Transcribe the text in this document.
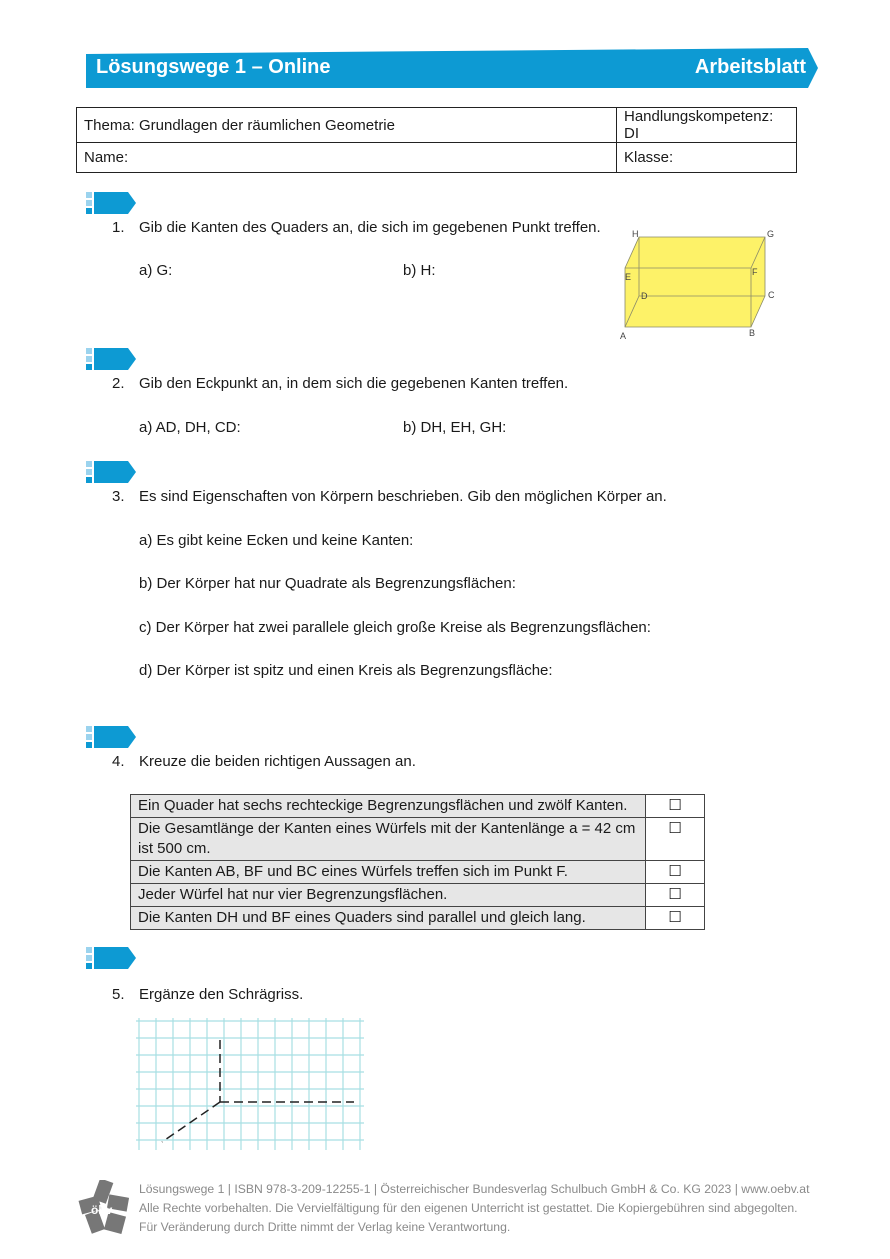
Lösungswege 1 – Online	Arbeitsblatt
Thema: Grundlagen der räumlichen Geometrie	Handlungskompetenz: DI
Name:	Klasse:
1. Gib die Kanten des Quaders an, die sich im gegebenen Punkt treffen.
a) G:	b) H:
A	B
C
D
E	F
G
H
2. Gib den Eckpunkt an, in dem sich die gegebenen Kanten treffen.
a) AD, DH, CD:	b) DH, EH, GH:
3. Es sind Eigenschaften von Körpern beschrieben. Gib den möglichen Körper an.
a) Es gibt keine Ecken und keine Kanten:
b) Der Körper hat nur Quadrate als Begrenzungsflächen:
c) Der Körper hat zwei parallele gleich große Kreise als Begrenzungsflächen:
d) Der Körper ist spitz und einen Kreis als Begrenzungsfläche:
4. Kreuze die beiden richtigen Aussagen an.
Ein Quader hat sechs rechteckige Begrenzungsflächen und zwölf Kanten.	☐
Die Gesamtlänge der Kanten eines Würfels mit der Kantenlänge a = 42 cm ist 500 cm.	☐
Die Kanten AB, BF und BC eines Würfels treffen sich im Punkt F.	☐
Jeder Würfel hat nur vier Begrenzungsflächen.	☐
Die Kanten DH und BF eines Quaders sind parallel und gleich lang.	☐
5. Ergänze den Schrägriss.
öbv
Lösungswege 1 | ISBN 978-3-209-12255-1 | Österreichischer Bundesverlag Schulbuch GmbH & Co. KG 2023 | www.oebv.at
Alle Rechte vorbehalten. Die Vervielfältigung für den eigenen Unterricht ist gestattet. Die Kopiergebühren sind abgegolten.
Für Veränderung durch Dritte nimmt der Verlag keine Verantwortung.
